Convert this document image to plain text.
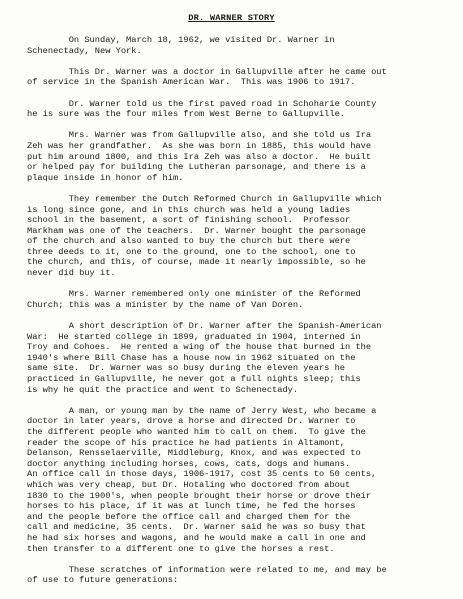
DR. WARNER STORY
On Sunday, March 18, 1962, we visited Dr. Warner in
Schenectady, New York.
This Dr. Warner was a doctor in Gallupville after he came out
of service in the Spanish American War.  This was 1906 to 1917.
Dr. Warner told us the first paved road in Schoharie County
he is sure was the four miles from West Berne to Gallupville.
Mrs. Warner was from Gallupville also, and she told us Ira
Zeh was her grandfather.  As she was born in 1885, this would have
put him around 1800, and this Ira Zeh was also a doctor.  He built
or helped pay for building the Lutheran parsonage, and there is a
plaque inside in honor of him.
They remember the Dutch Reformed Church in Gallupville which
is long since gone, and in this church was held a young ladies
school in the basement, a sort of finishing school.  Professor
Markham was one of the teachers.  Dr. Warner bought the parsonage
of the church and also wanted to buy the church but there were
three deeds to it, one to the ground, one to the school, one to
the church, and this, of course, made it nearly impossible, so he
never did buy it.
Mrs. Warner remembered only one minister of the Reformed
Church; this was a minister by the name of Van Doren.
A short description of Dr. Warner after the Spanish-American
War:  He started college in 1899, graduated in 1904, interned in
Troy and Cohoes.  He rented a wing of the house that burned in the
1940's where Bill Chase has a house now in 1962 situated on the
same site.  Dr. Warner was so busy during the eleven years he
practiced in Gallupville, he never got a full nights sleep; this
is why he quit the practice and went to Schenectady.
A man, or young man by the name of Jerry West, who became a
doctor in later years, drove a horse and directed Dr. Warner to
the different people who wanted him to call on them.  To give the
reader the scope of his practice he had patients in Altamont,
Delanson, Rensselaerville, Middleburg, Knox, and was expected to
doctor anything including horses, cows, cats, dogs and humans.
An office call in those days, 1906-1917, cost 35 cents to 50 cents,
which was very cheap, but Dr. Hotaling who doctored from about
1830 to the 1900's, when people brought their horse or drove their
horses to his place, if it was at lunch time, he fed the horses
and the people before the office call and charged them for the
call and medicine, 35 cents.  Dr. Warner said he was so busy that
he had six horses and wagons, and he would make a call in one and
then transfer to a different one to give the horses a rest.
These scratches of information were related to me, and may be
of use to future generations:
